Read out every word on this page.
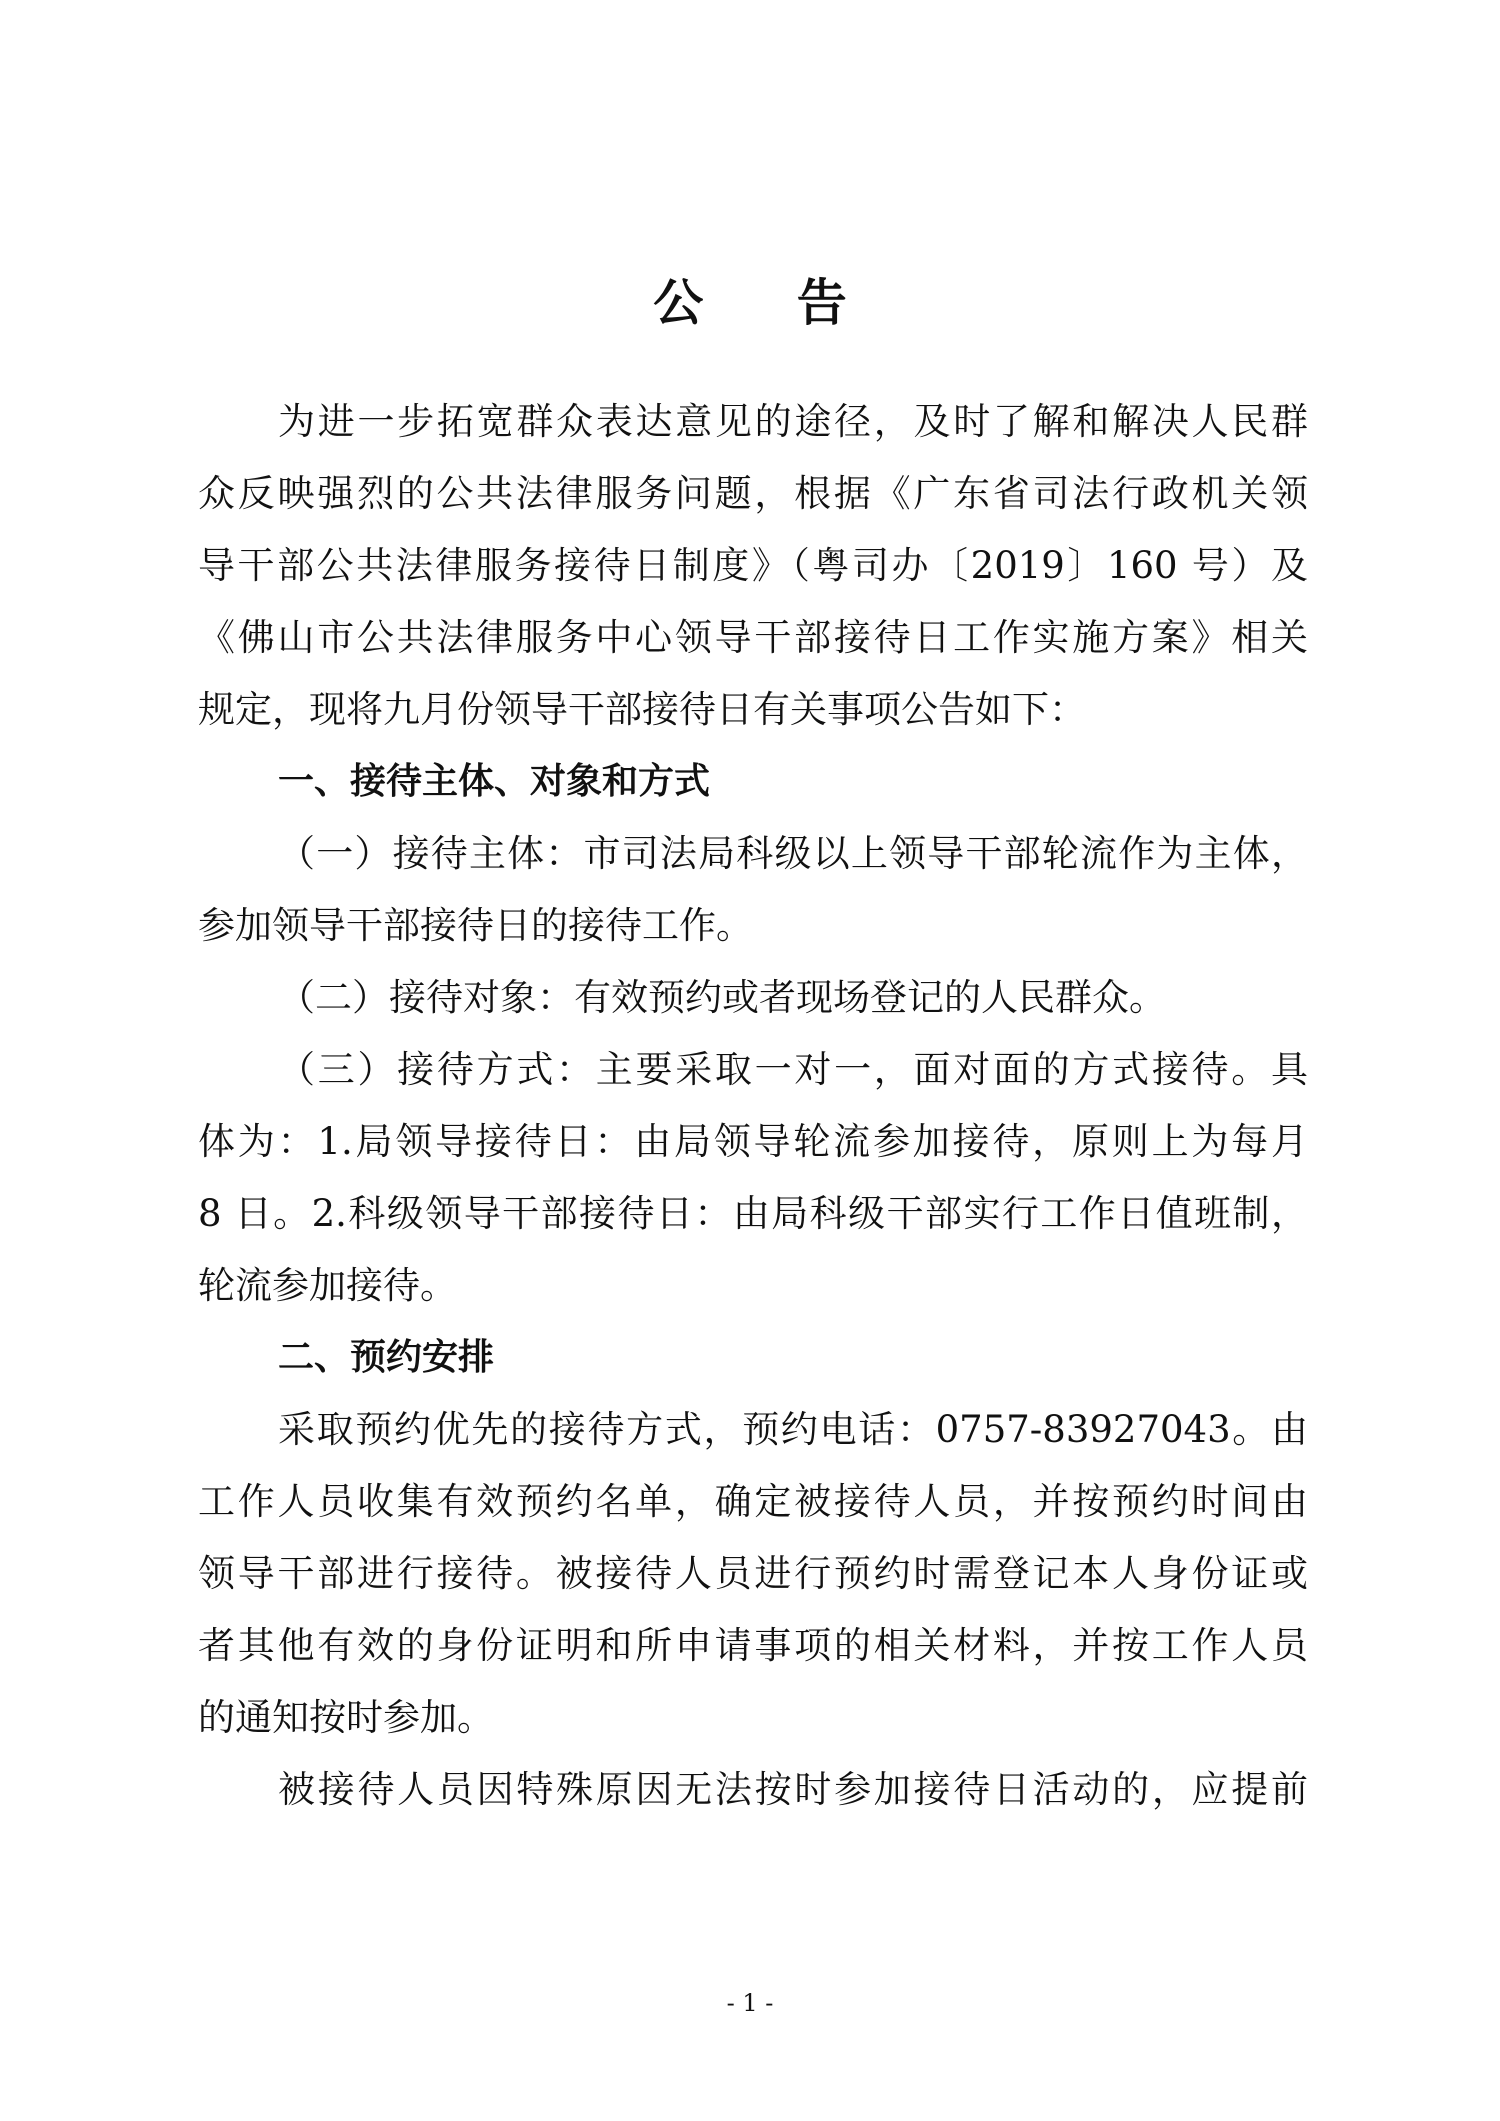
公 告
为进一步拓宽群众表达意见的途径，及时了解和解决人民群
众反映强烈的公共法律服务问题，根据《广东省司法行政机关领
导干部公共法律服务接待日制度》（粤司办〔2019〕160 号）及
《佛山市公共法律服务中心领导干部接待日工作实施方案》相关
规定，现将九月份领导干部接待日有关事项公告如下：
一、接待主体、对象和方式
（一）接待主体：市司法局科级以上领导干部轮流作为主体，
参加领导干部接待日的接待工作。
（二）接待对象：有效预约或者现场登记的人民群众。
（三）接待方式：主要采取一对一，面对面的方式接待。具
体为：1.局领导接待日：由局领导轮流参加接待，原则上为每月
8 日。2.科级领导干部接待日：由局科级干部实行工作日值班制，
轮流参加接待。
二、预约安排
采取预约优先的接待方式，预约电话：0757-83927043。由
工作人员收集有效预约名单，确定被接待人员，并按预约时间由
领导干部进行接待。被接待人员进行预约时需登记本人身份证或
者其他有效的身份证明和所申请事项的相关材料，并按工作人员
的通知按时参加。
被接待人员因特殊原因无法按时参加接待日活动的，应提前
- 1 -
